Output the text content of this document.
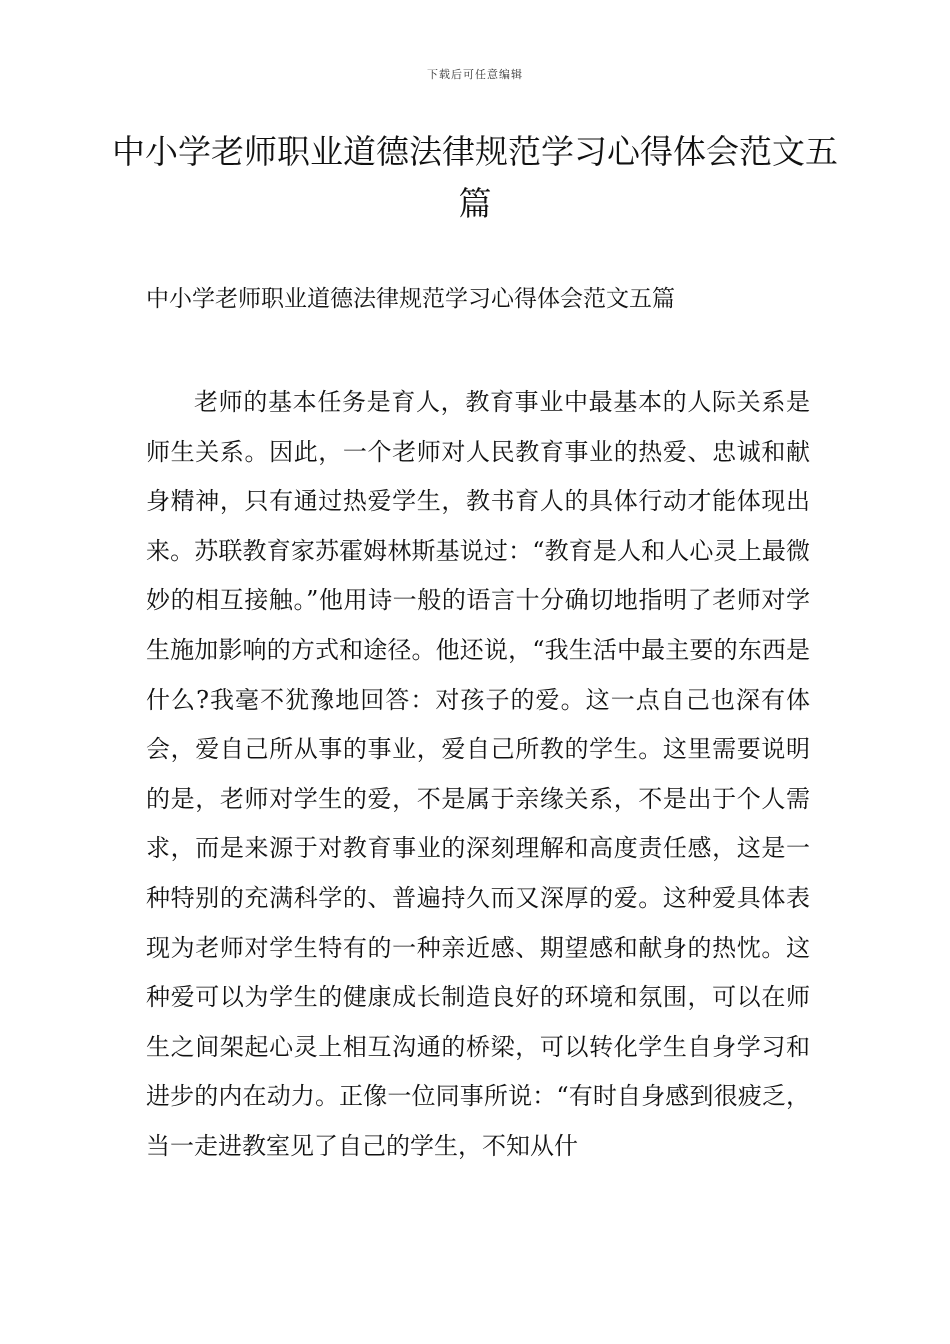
下载后可任意编辑
中小学老师职业道德法律规范学习心得体会范文五篇

中小学老师职业道德法律规范学习心得体会范文五篇

老师的基本任务是育人，教育事业中最基本的人际关系是师生关系。因此，一个老师对人民教育事业的热爱、忠诚和献身精神，只有通过热爱学生，教书育人的具体行动才能体现出来。苏联教育家苏霍姆林斯基说过：“教育是人和人心灵上最微妙的相互接触。”他用诗一般的语言十分确切地指明了老师对学生施加影响的方式和途径。他还说，“我生活中最主要的东西是什么?我毫不犹豫地回答：对孩子的爱。这一点自己也深有体会，爱自己所从事的事业，爱自己所教的学生。这里需要说明的是，老师对学生的爱，不是属于亲缘关系，不是出于个人需求，而是来源于对教育事业的深刻理解和高度责任感，这是一种特别的充满科学的、普遍持久而又深厚的爱。这种爱具体表现为老师对学生特有的一种亲近感、期望感和献身的热忱。这种爱可以为学生的健康成长制造良好的环境和氛围，可以在师生之间架起心灵上相互沟通的桥梁，可以转化学生自身学习和进步的内在动力。正像一位同事所说：“有时自身感到很疲乏，当一走进教室见了自己的学生，不知从什
